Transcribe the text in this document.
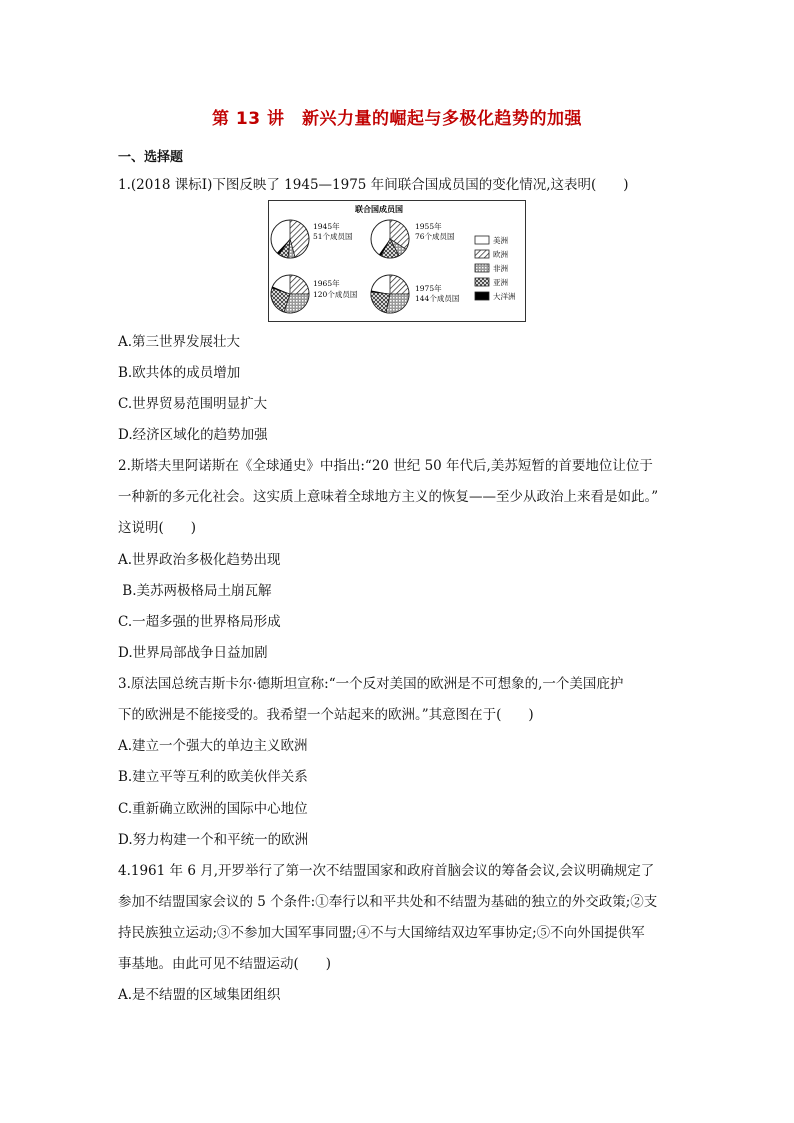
第 13 讲　新兴力量的崛起与多极化趋势的加强
一、选择题
1.(2018 课标Ⅰ)下图反映了 1945—1975 年间联合国成员国的变化情况,这表明(　　)
联合国成员国
1945年
51个成员国
1955年
76个成员国
1965年
120个成员国
1975年
144个成员国
美洲
欧洲
非洲
亚洲
大洋洲
A.第三世界发展壮大
B.欧共体的成员增加
C.世界贸易范围明显扩大
D.经济区域化的趋势加强
2.斯塔夫里阿诺斯在《全球通史》中指出:“20 世纪 50 年代后,美苏短暂的首要地位让位于
一种新的多元化社会。这实质上意味着全球地方主义的恢复——至少从政治上来看是如此。”
这说明(　　)
A.世界政治多极化趋势出现
B.美苏两极格局土崩瓦解
C.一超多强的世界格局形成
D.世界局部战争日益加剧
3.原法国总统吉斯卡尔·德斯坦宣称:“一个反对美国的欧洲是不可想象的,一个美国庇护
下的欧洲是不能接受的。我希望一个站起来的欧洲。”其意图在于(　　)
A.建立一个强大的单边主义欧洲
B.建立平等互利的欧美伙伴关系
C.重新确立欧洲的国际中心地位
D.努力构建一个和平统一的欧洲
4.1961 年 6 月,开罗举行了第一次不结盟国家和政府首脑会议的筹备会议,会议明确规定了
参加不结盟国家会议的 5 个条件:①奉行以和平共处和不结盟为基础的独立的外交政策;②支
持民族独立运动;③不参加大国军事同盟;④不与大国缔结双边军事协定;⑤不向外国提供军
事基地。由此可见不结盟运动(　　)
A.是不结盟的区域集团组织
